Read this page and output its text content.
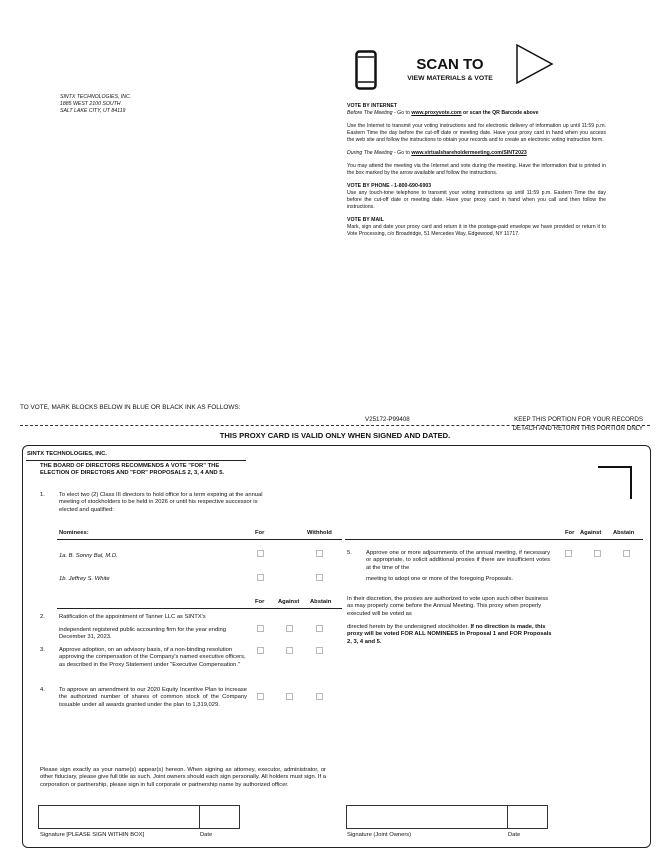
SINTX TECHNOLOGIES, INC.
1885 WEST 2100 SOUTH
SALT LAKE CITY, UT 84119
SCAN TO
VIEW MATERIALS & VOTE
VOTE BY INTERNET
Before The Meeting - Go to www.proxyvote.com or scan the QR Barcode above
Use the Internet to transmit your voting instructions and for electronic delivery of information up until 11:59 p.m. Eastern Time the day before the cut-off date or meeting date. Have your proxy card in hand when you access the web site and follow the instructions to obtain your records and to create an electronic voting instruction form.
During The Meeting - Go to www.virtualshareholdermeeting.com/SINT2023
You may attend the meeting via the Internet and vote during the meeting. Have the information that is printed in the box marked by the arrow available and follow the instructions.
VOTE BY PHONE - 1-800-690-6903
Use any touch-tone telephone to transmit your voting instructions up until 11:59 p.m. Eastern Time the day before the cut-off date or meeting date. Have your proxy card in hand when you call and then follow the instructions.
VOTE BY MAIL
Mark, sign and date your proxy card and return it in the postage-paid envelope we have provided or return it to Vote Processing, c/o Broadridge, 51 Mercedes Way, Edgewood, NY 11717.
TO VOTE, MARK BLOCKS BELOW IN BLUE OR BLACK INK AS FOLLOWS:
V25172-P99408	KEEP THIS PORTION FOR YOUR RECORDS
DETACH AND RETURN THIS PORTION ONLY
THIS PROXY CARD IS VALID ONLY WHEN SIGNED AND DATED.
SINTX TECHNOLOGIES, INC.
THE BOARD OF DIRECTORS RECOMMENDS A VOTE "FOR" THE ELECTION OF DIRECTORS AND "FOR" PROPOSALS 2, 3, 4 AND 5.
1. To elect two (2) Class III directors to hold office for a term expiring at the annual meeting of stockholders to be held in 2026 or until his respective successor is elected and qualified:
Nominees:	For	Withhold
1a. B. Sonny Bal, M.D.
1b. Jeffrey S. White
For Against Abstain
2. Ratification of the appointment of Tanner LLC as SINTX's
independent registered public accounting firm for the year ending December 31, 2023.
3. Approve adoption, on an advisory basis, of a non-binding resolution approving the compensation of the Company's named executive officers, as described in the Proxy Statement under "Executive Compensation."
4. To approve an amendment to our 2020 Equity Incentive Plan to increase the authorized number of shares of common stock of the Company issuable under all awards granted under the plan to 1,319,029.
For Against Abstain
5. Approve one or more adjournments of the annual meeting, if necessary or appropriate, to solicit additional proxies if there are insufficient votes at the time of the
meeting to adopt one or more of the foregoing Proposals.
In their discretion, the proxies are authorized to vote upon such other business as may properly come before the Annual Meeting. This proxy when properly executed will be voted as
directed herein by the undersigned stockholder. If no direction is made, this proxy will be voted FOR ALL NOMINEES in Proposal 1 and FOR Proposals 2, 3, 4 and 5.
Please sign exactly as your name(s) appear(s) hereon. When signing as attorney, executor, administrator, or other fiduciary, please give full title as such. Joint owners should each sign personally. All holders must sign. If a corporation or partnership, please sign in full corporate or partnership name by authorized officer.
Signature [PLEASE SIGN WITHIN BOX]	Date	Signature (Joint Owners)	Date
